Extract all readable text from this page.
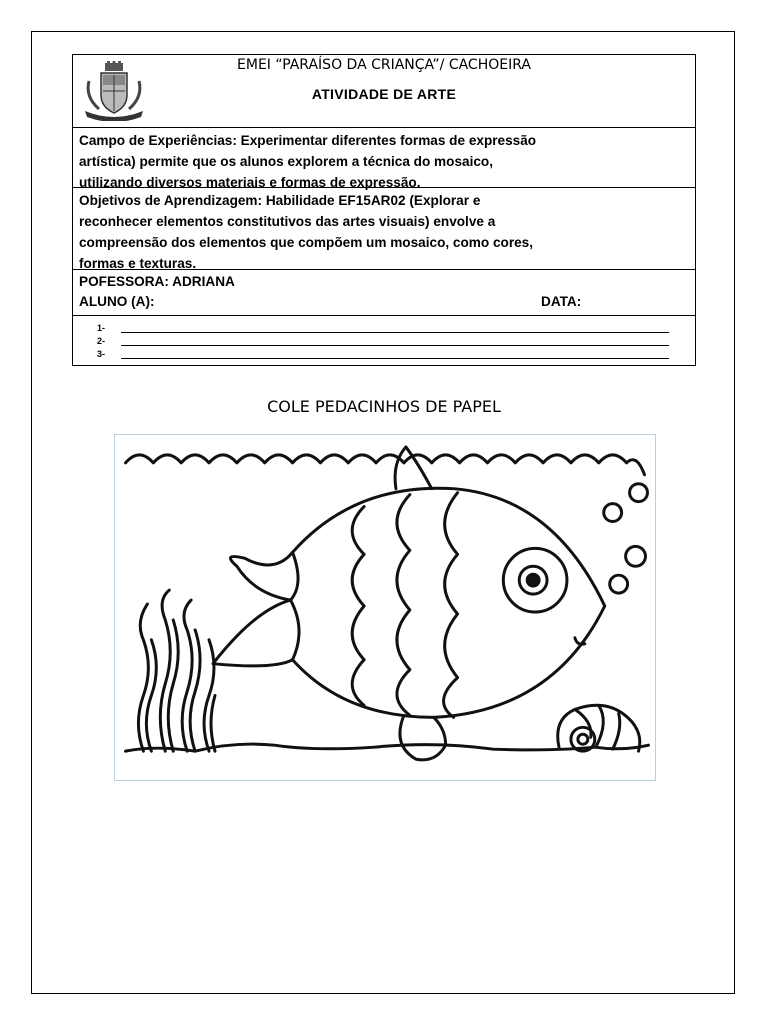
EMEI “PARAÍSO DA CRIANÇA”/ CACHOEIRA
ATIVIDADE DE ARTE
Campo de Experiências: Experimentar diferentes formas de expressão
artística) permite que os alunos explorem a técnica do mosaico,
utilizando diversos materiais e formas de expressão.
Objetivos de Aprendizagem: Habilidade EF15AR02 (Explorar e
reconhecer elementos constitutivos das artes visuais) envolve a
compreensão dos elementos que compõem um mosaico, como cores,
formas e texturas.
POFESSORA: ADRIANA
ALUNO (A):	DATA:
1-
2-
3-
COLE PEDACINHOS DE PAPEL
